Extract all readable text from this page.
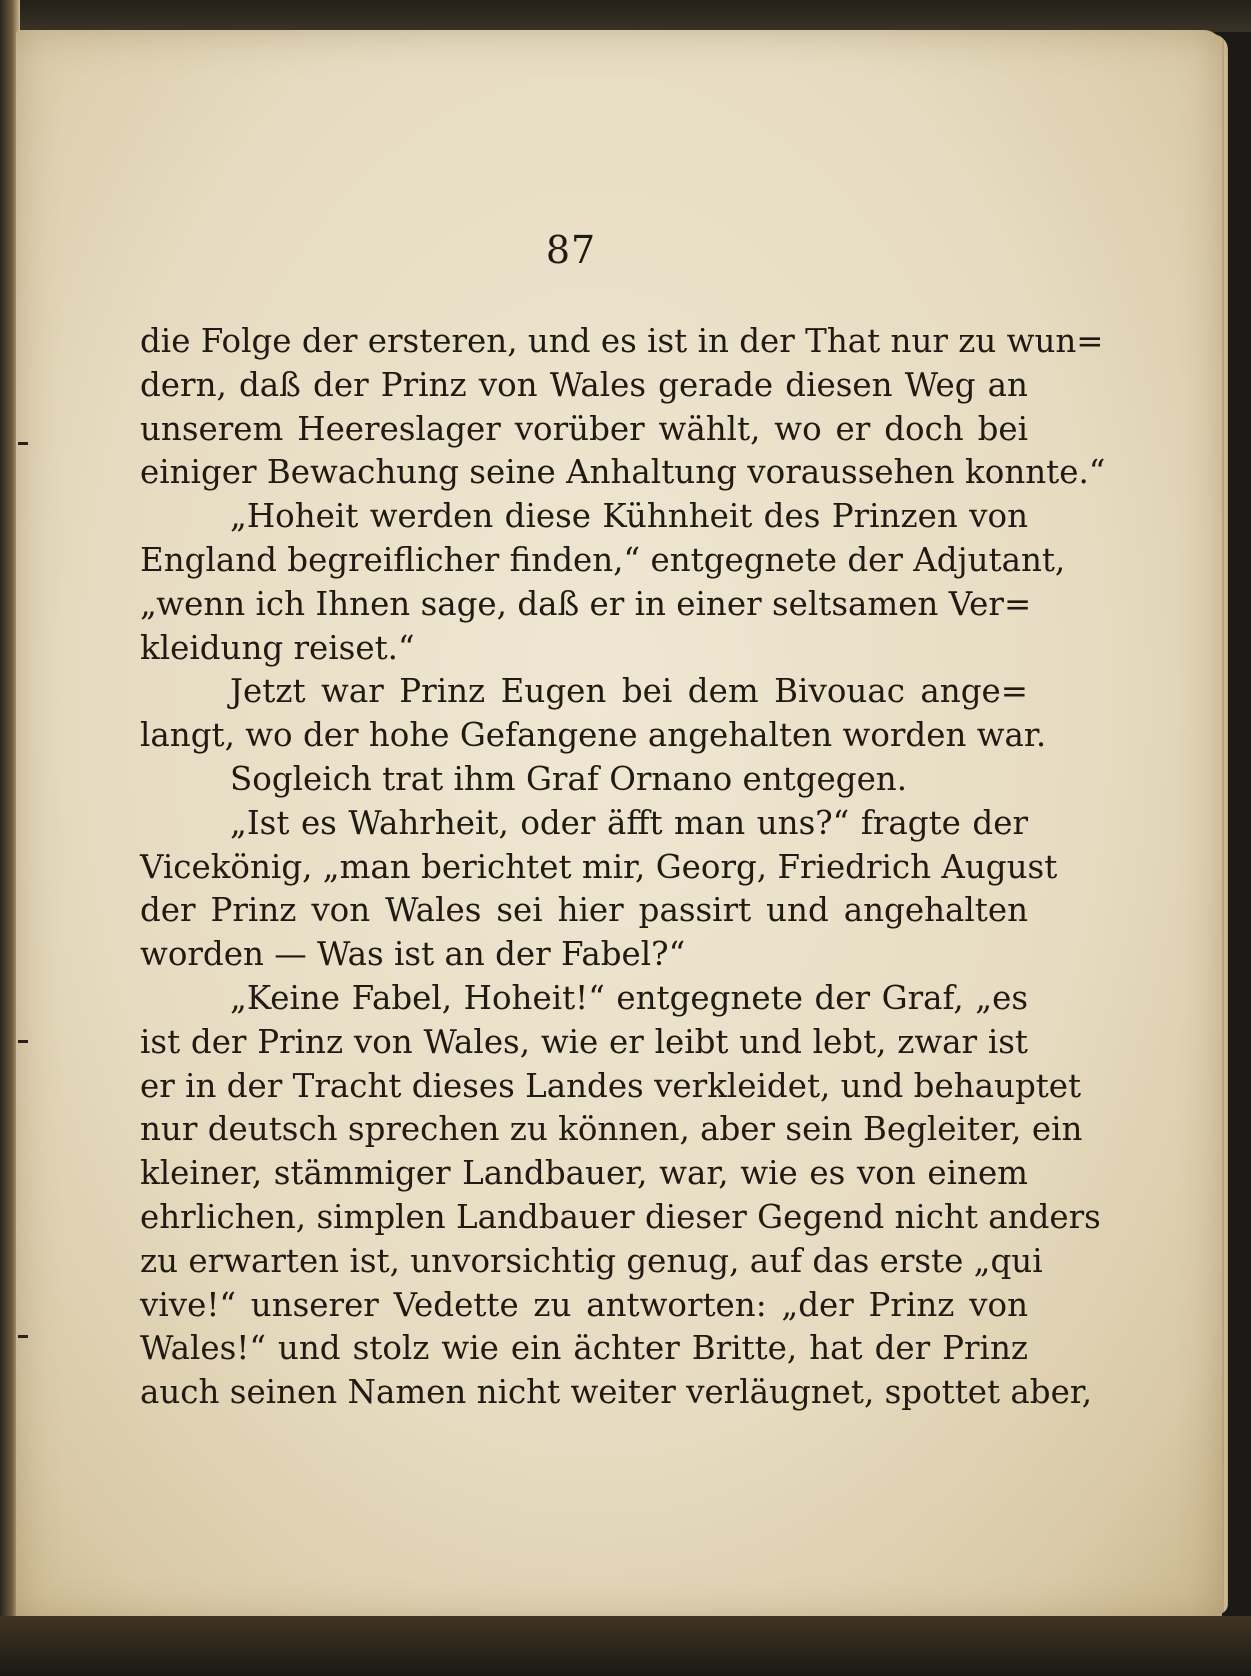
87
die Folge der ersteren, und es ist in der That nur zu wun=
dern, daß der Prinz von Wales gerade diesen Weg an
unserem Heereslager vorüber wählt, wo er doch bei
einiger Bewachung seine Anhaltung voraussehen konnte.“
„Hoheit werden diese Kühnheit des Prinzen von
England begreiflicher finden,“ entgegnete der Adjutant,
„wenn ich Ihnen sage, daß er in einer seltsamen Ver=
kleidung reiset.“
Jetzt war Prinz Eugen bei dem Bivouac ange=
langt, wo der hohe Gefangene angehalten worden war.
Sogleich trat ihm Graf Ornano entgegen.
„Ist es Wahrheit, oder äfft man uns?“ fragte der
Vicekönig, „man berichtet mir, Georg, Friedrich August
der Prinz von Wales sei hier passirt und angehalten
worden — Was ist an der Fabel?“
„Keine Fabel, Hoheit!“ entgegnete der Graf, „es
ist der Prinz von Wales, wie er leibt und lebt, zwar ist
er in der Tracht dieses Landes verkleidet, und behauptet
nur deutsch sprechen zu können, aber sein Begleiter, ein
kleiner, stämmiger Landbauer, war, wie es von einem
ehrlichen, simplen Landbauer dieser Gegend nicht anders
zu erwarten ist, unvorsichtig genug, auf das erste „qui
vive!“ unserer Vedette zu antworten: „der Prinz von
Wales!“ und stolz wie ein ächter Britte, hat der Prinz
auch seinen Namen nicht weiter verläugnet, spottet aber,
